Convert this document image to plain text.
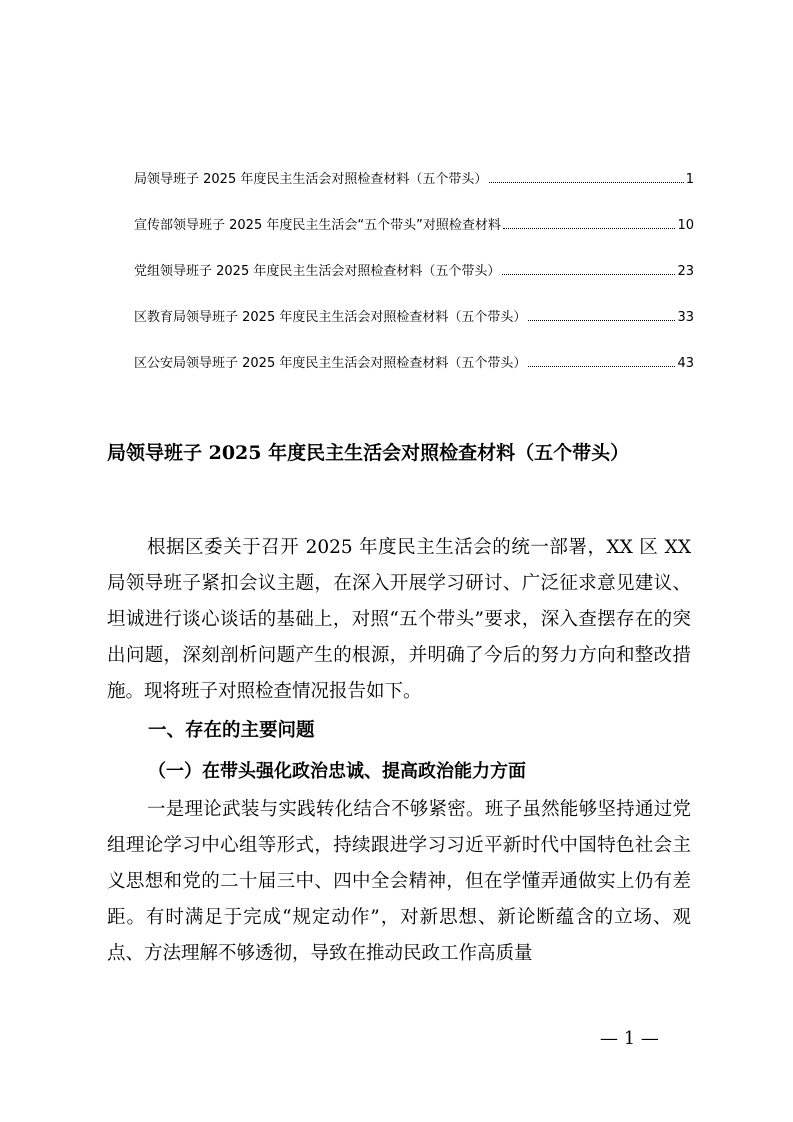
局领导班子 2025 年度民主生活会对照检查材料（五个带头）	1
宣传部领导班子 2025 年度民主生活会“五个带头”对照检查材料	10
党组领导班子 2025 年度民主生活会对照检查材料（五个带头）	23
区教育局领导班子 2025 年度民主生活会对照检查材料（五个带头）	33
区公安局领导班子 2025 年度民主生活会对照检查材料（五个带头）	43
局领导班子 2025 年度民主生活会对照检查材料（五个带头）

根据区委关于召开 2025 年度民主生活会的统一部署，XX 区 XX 局领导班子紧扣会议主题，在深入开展学习研讨、广泛征求意见建议、坦诚进行谈心谈话的基础上，对照“五个带头”要求，深入查摆存在的突出问题，深刻剖析问题产生的根源，并明确了今后的努力方向和整改措施。现将班子对照检查情况报告如下。

一、存在的主要问题
（一）在带头强化政治忠诚、提高政治能力方面

一是理论武装与实践转化结合不够紧密。班子虽然能够坚持通过党组理论学习中心组等形式，持续跟进学习习近平新时代中国特色社会主义思想和党的二十届三中、四中全会精神，但在学懂弄通做实上仍有差距。有时满足于完成“规定动作”，对新思想、新论断蕴含的立场、观点、方法理解不够透彻，导致在推动民政工作高质量

— 1 —
